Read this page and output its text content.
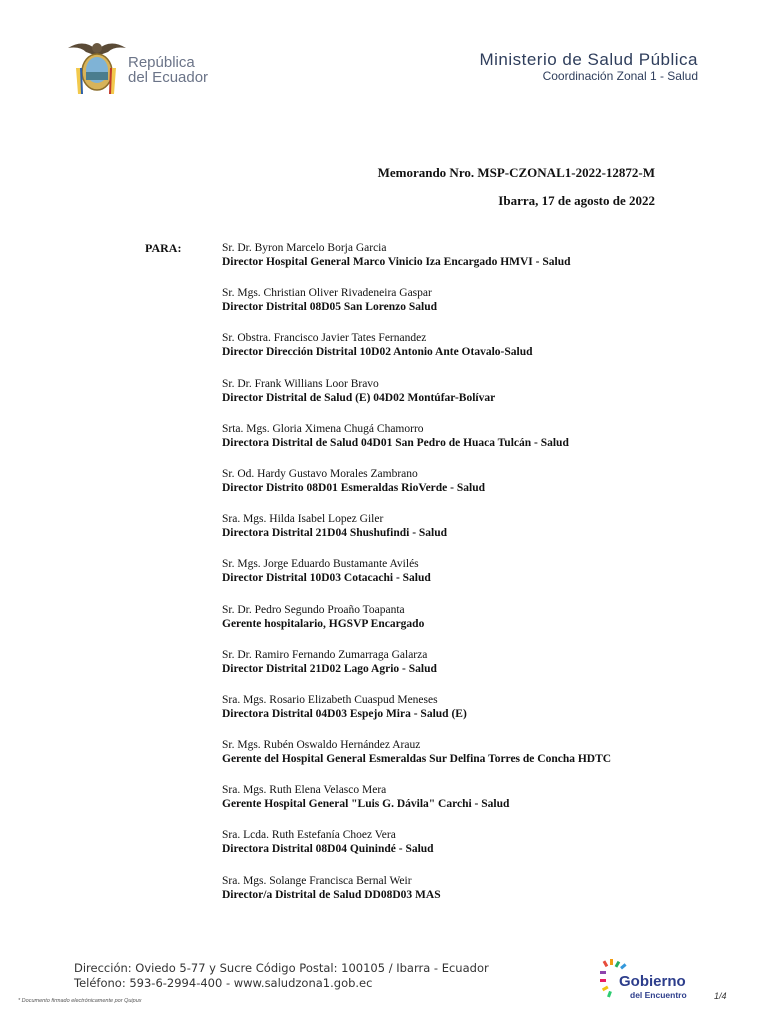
República
del Ecuador
Ministerio de Salud Pública
Coordinación Zonal 1 - Salud
Memorando Nro. MSP-CZONAL1-2022-12872-M
Ibarra, 17 de agosto de 2022
PARA:	Sr. Dr. Byron Marcelo Borja Garcia
Director Hospital General Marco Vinicio Iza Encargado HMVI - Salud
Sr. Mgs. Christian Oliver Rivadeneira Gaspar
Director Distrital 08D05 San Lorenzo Salud
Sr. Obstra. Francisco Javier Tates Fernandez
Director Dirección Distrital 10D02 Antonio Ante Otavalo-Salud
Sr. Dr. Frank Willians Loor Bravo
Director Distrital de Salud (E) 04D02 Montúfar-Bolívar
Srta. Mgs. Gloria Ximena Chugá Chamorro
Directora Distrital de Salud 04D01 San Pedro de Huaca Tulcán - Salud
Sr. Od. Hardy Gustavo Morales Zambrano
Director Distrito 08D01 Esmeraldas RioVerde - Salud
Sra. Mgs. Hilda Isabel Lopez Giler
Directora Distrital 21D04 Shushufindi - Salud
Sr. Mgs. Jorge Eduardo Bustamante Avilés
Director Distrital 10D03 Cotacachi - Salud
Sr. Dr. Pedro Segundo Proaño Toapanta
Gerente hospitalario, HGSVP Encargado
Sr. Dr. Ramiro Fernando Zumarraga Galarza
Director Distrital 21D02 Lago Agrio - Salud
Sra. Mgs. Rosario Elizabeth Cuaspud Meneses
Directora Distrital 04D03 Espejo Mira - Salud (E)
Sr. Mgs. Rubén Oswaldo Hernández Arauz
Gerente del Hospital General Esmeraldas Sur Delfina Torres de Concha HDTC
Sra. Mgs. Ruth Elena Velasco Mera
Gerente Hospital General "Luis G. Dávila" Carchi - Salud
Sra. Lcda. Ruth Estefanía Choez Vera
Directora Distrital 08D04 Quinindé - Salud
Sra. Mgs. Solange Francisca Bernal Weir
Director/a Distrital de Salud DD08D03 MAS
Dirección: Oviedo 5-77 y Sucre Código Postal: 100105 / Ibarra - Ecuador
Teléfono: 593-6-2994-400 - www.saludzona1.gob.ec
* Documento firmado electrónicamente por Quipux
Gobierno
del Encuentro	1/4
